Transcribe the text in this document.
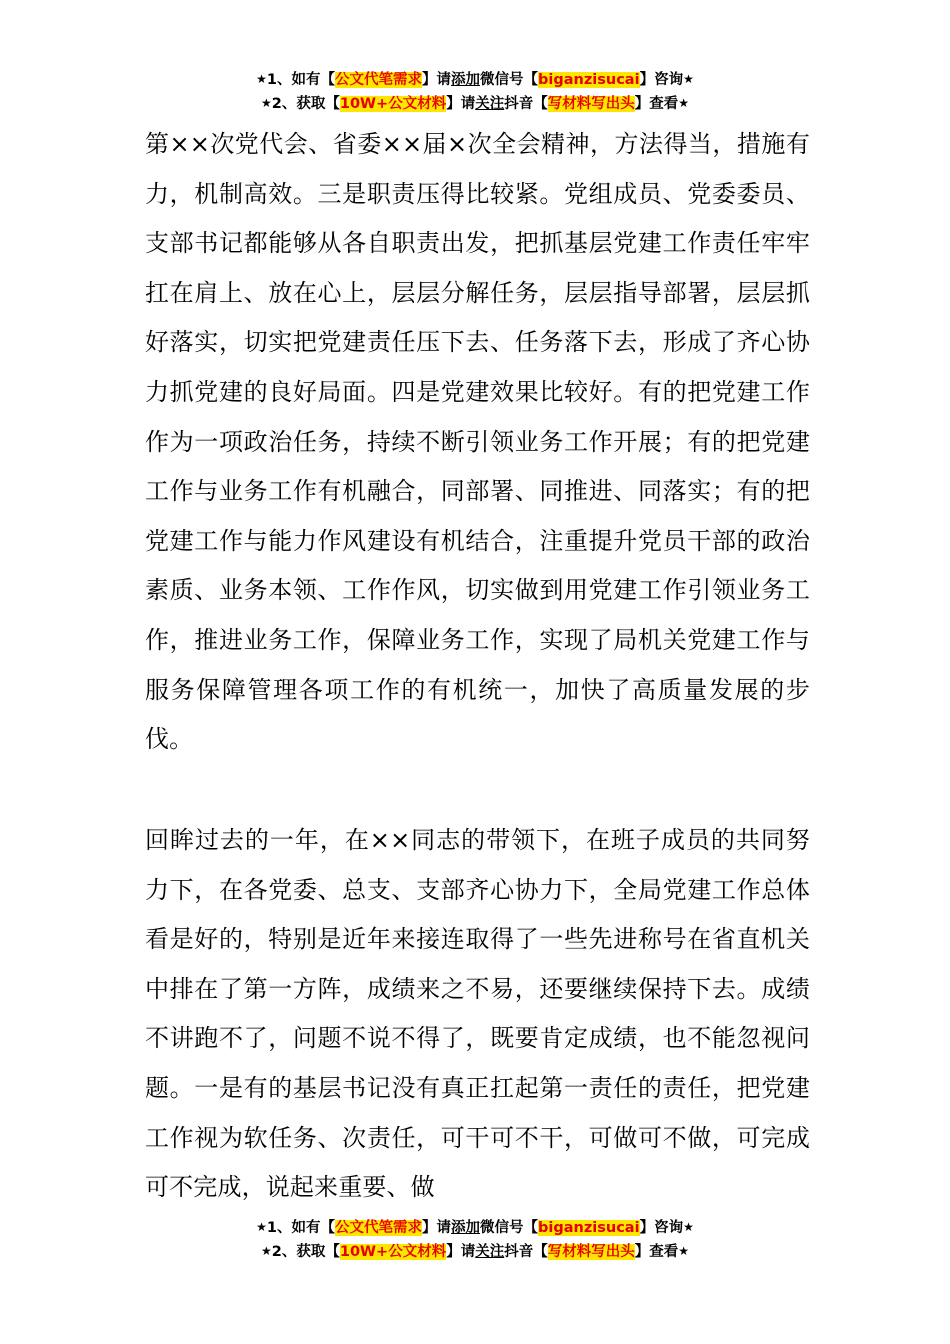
★1、如有【公文代笔需求】请添加微信号【biganzisucai】咨询★
★2、获取【10W+公文材料】请关注抖音【写材料写出头】查看★
第××次党代会、省委××届×次全会精神，方法得当，措施有力，机制高效。三是职责压得比较紧。党组成员、党委委员、支部书记都能够从各自职责出发，把抓基层党建工作责任牢牢扛在肩上、放在心上，层层分解任务，层层指导部署，层层抓好落实，切实把党建责任压下去、任务落下去，形成了齐心协力抓党建的良好局面。四是党建效果比较好。有的把党建工作作为一项政治任务，持续不断引领业务工作开展；有的把党建工作与业务工作有机融合，同部署、同推进、同落实；有的把党建工作与能力作风建设有机结合，注重提升党员干部的政治素质、业务本领、工作作风，切实做到用党建工作引领业务工作，推进业务工作，保障业务工作，实现了局机关党建工作与服务保障管理各项工作的有机统一，加快了高质量发展的步伐。
回眸过去的一年，在××同志的带领下，在班子成员的共同努力下，在各党委、总支、支部齐心协力下，全局党建工作总体看是好的，特别是近年来接连取得了一些先进称号在省直机关中排在了第一方阵，成绩来之不易，还要继续保持下去。成绩不讲跑不了，问题不说不得了，既要肯定成绩，也不能忽视问题。一是有的基层书记没有真正扛起第一责任的责任，把党建工作视为软任务、次责任，可干可不干，可做可不做，可完成可不完成，说起来重要、做
★1、如有【公文代笔需求】请添加微信号【biganzisucai】咨询★
★2、获取【10W+公文材料】请关注抖音【写材料写出头】查看★
